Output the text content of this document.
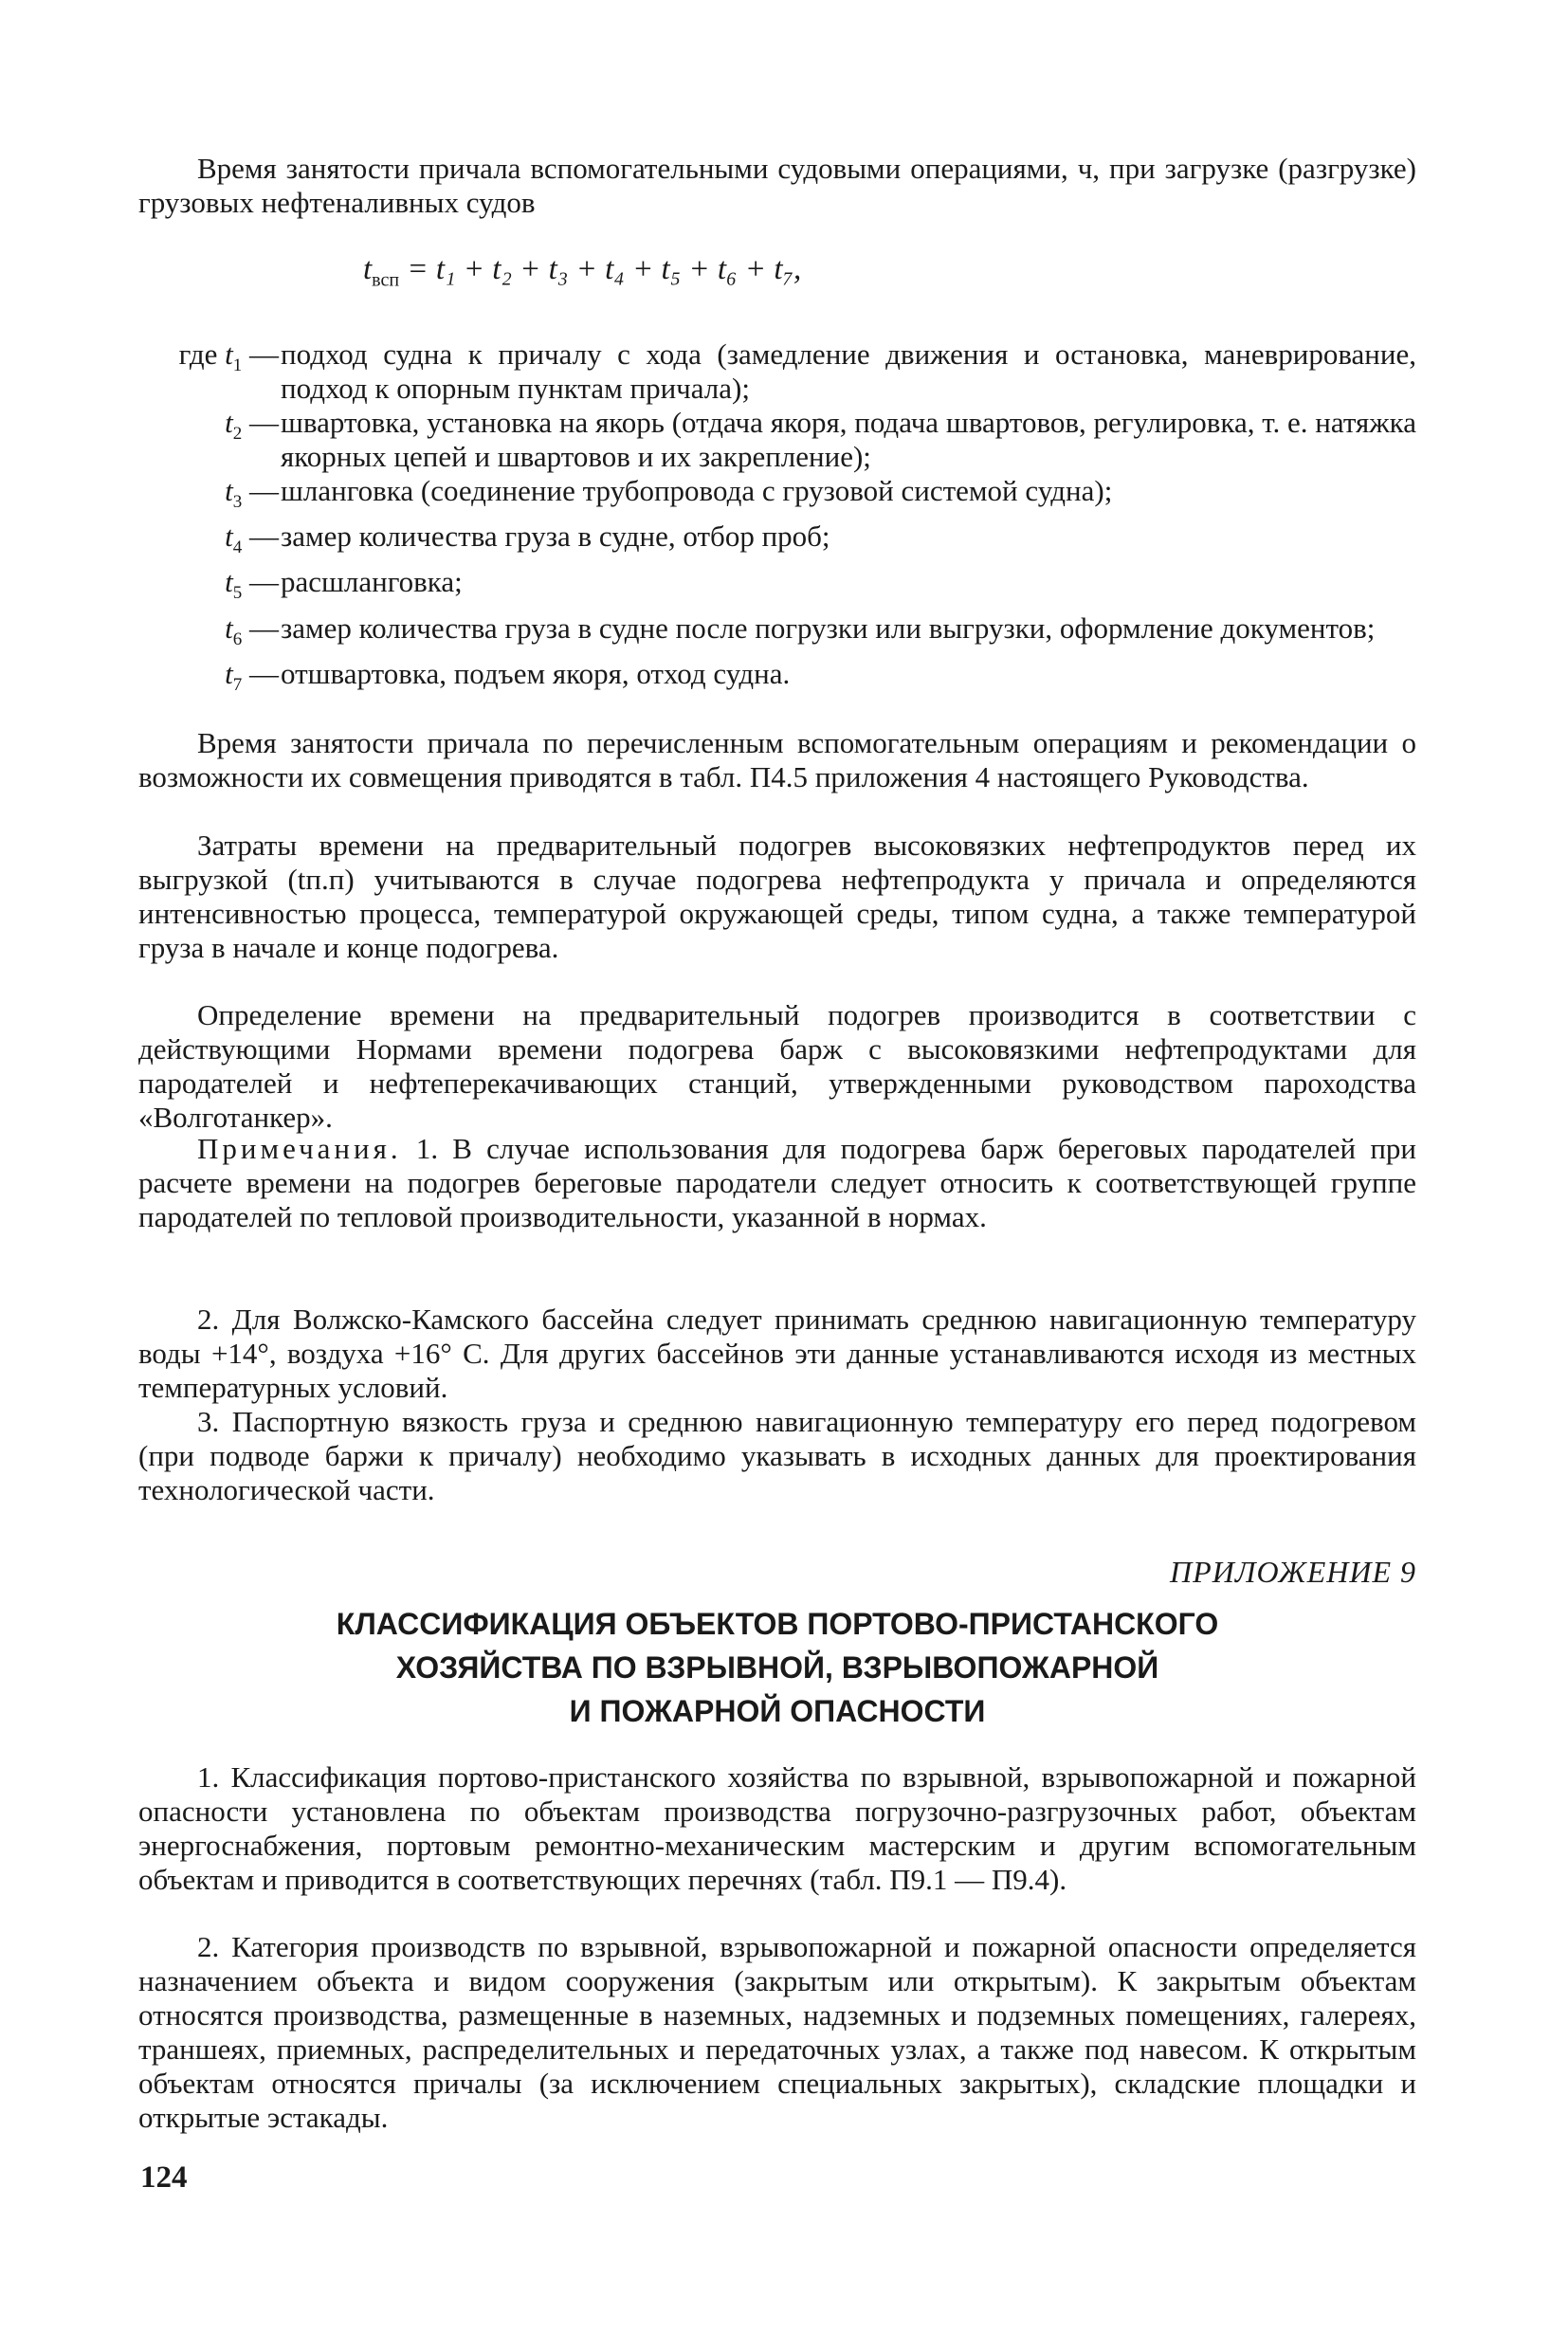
Время занятости причала вспомогательными судовыми операциями, ч, при загрузке (разгрузке) грузовых нефтеналивных судов

$t_{всп} = t_1 + t_2 + t_3 + t_4 + t_5 + t_6 + t_7$,

где $t_1$ — подход судна к причалу с хода (замедление движения и остановка, маневрирование, подход к опорным пунктам причала);
$t_2$ — швартовка, установка на якорь (отдача якоря, подача швартовов, регулировка, т. е. натяжка якорных цепей и швартовов и их закрепление);
$t_3$ — шланговка (соединение трубопровода с грузовой системой судна);
$t_4$ — замер количества груза в судне, отбор проб;
$t_5$ — расшланговка;
$t_6$ — замер количества груза в судне после погрузки или выгрузки, оформление документов;
$t_7$ — отшвартовка, подъем якоря, отход судна.

Время занятости причала по перечисленным вспомогательным операциям и рекомендации о возможности их совмещения приводятся в табл. П4.5 приложения 4 настоящего Руководства.

Затраты времени на предварительный подогрев высоковязких нефтепродуктов перед их выгрузкой (tп.п) учитываются в случае подогрева нефтепродукта у причала и определяются интенсивностью процесса, температурой окружающей среды, типом судна, а также температурой груза в начале и конце подогрева.

Определение времени на предварительный подогрев производится в соответствии с действующими Нормами времени подогрева барж с высоковязкими нефтепродуктами для пародателей и нефтеперекачивающих станций, утвержденными руководством пароходства «Волготанкер».

Примечания. 1. В случае использования для подогрева барж береговых пародателей при расчете времени на подогрев береговые пародатели следует относить к соответствующей группе пародателей по тепловой производительности, указанной в нормах.

2. Для Волжско-Камского бассейна следует принимать среднюю навигационную температуру воды +14°, воздуха +16° С. Для других бассейнов эти данные устанавливаются исходя из местных температурных условий.

3. Паспортную вязкость груза и среднюю навигационную температуру его перед подогревом (при подводе баржи к причалу) необходимо указывать в исходных данных для проектирования технологической части.

ПРИЛОЖЕНИЕ 9
КЛАССИФИКАЦИЯ ОБЪЕКТОВ ПОРТОВО-ПРИСТАНСКОГО
ХОЗЯЙСТВА ПО ВЗРЫВНОЙ, ВЗРЫВОПОЖАРНОЙ
И ПОЖАРНОЙ ОПАСНОСТИ

1. Классификация портово-пристанского хозяйства по взрывной, взрывопожарной и пожарной опасности установлена по объектам производства погрузочно-разгрузочных работ, объектам энергоснабжения, портовым ремонтно-механическим мастерским и другим вспомогательным объектам и приводится в соответствующих перечнях (табл. П9.1 — П9.4).

2. Категория производств по взрывной, взрывопожарной и пожарной опасности определяется назначением объекта и видом сооружения (закрытым или открытым). К закрытым объектам относятся производства, размещенные в наземных, надземных и подземных помещениях, галереях, траншеях, приемных, распределительных и передаточных узлах, а также под навесом. К открытым объектам относятся причалы (за исключением специальных закрытых), складские площадки и открытые эстакады.

124
